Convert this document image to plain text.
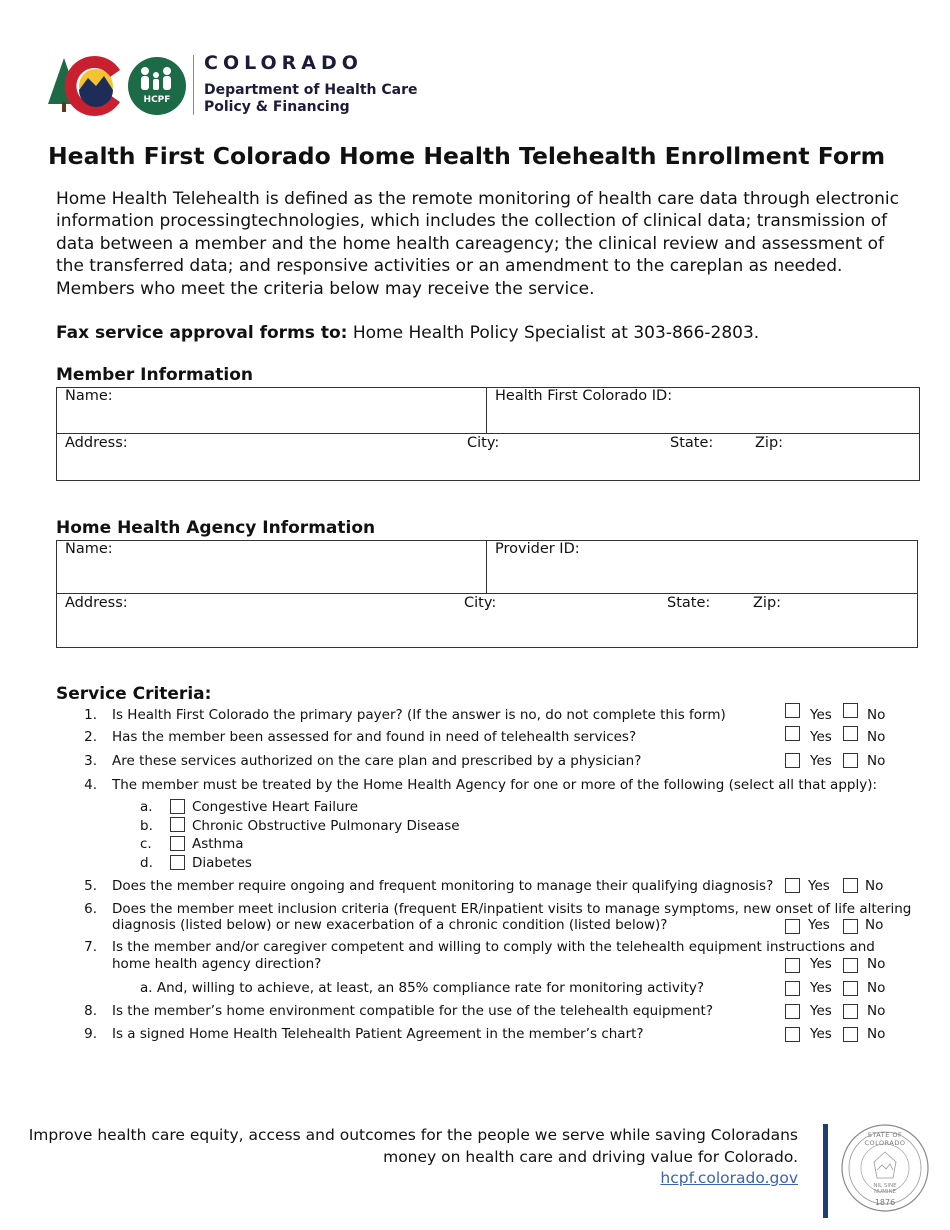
HCPF
COLORADO
Department of Health Care
Policy & Financing
Health First Colorado Home Health Telehealth Enrollment Form
Home Health Telehealth is defined as the remote monitoring of health care data through electronic information processingtechnologies, which includes the collection of clinical data; transmission of data between a member and the home health careagency; the clinical review and assessment of the transferred data; and responsive activities or an amendment to the careplan as needed. Members who meet the criteria below may receive the service.
Fax service approval forms to: Home Health Policy Specialist at 303-866-2803.
Member Information
Name:	Health First Colorado ID:
Address:	City:	State:	Zip:
Home Health Agency Information
Name:	Provider ID:
Address:	City:	State:	Zip:
Service Criteria:
1. Is Health First Colorado the primary payer? (If the answer is no, do not complete this form)	Yes	No
2. Has the member been assessed for and found in need of telehealth services?	Yes	No
3. Are these services authorized on the care plan and prescribed by a physician?	Yes	No
4. The member must be treated by the Home Health Agency for one or more of the following (select all that apply):
a.	Congestive Heart Failure
b.	Chronic Obstructive Pulmonary Disease
c.	Asthma
d.	Diabetes
5. Does the member require ongoing and frequent monitoring to manage their qualifying diagnosis?	Yes	No
6. Does the member meet inclusion criteria (frequent ER/inpatient visits to manage symptoms, new onset of life altering
diagnosis (listed below) or new exacerbation of a chronic condition (listed below)?	Yes	No
7. Is the member and/or caregiver competent and willing to comply with the telehealth equipment instructions and
home health agency direction?	Yes	No
a. And, willing to achieve, at least, an 85% compliance rate for monitoring activity?	Yes	No
8. Is the member’s home environment compatible for the use of the telehealth equipment?	Yes	No
9. Is a signed Home Health Telehealth Patient Agreement in the member’s chart?	Yes	No
Improve health care equity, access and outcomes for the people we serve while saving Coloradans
money on health care and driving value for Colorado.
hcpf.colorado.gov
STATE OF COLORADO
NIL SINE NUMINE
1876
